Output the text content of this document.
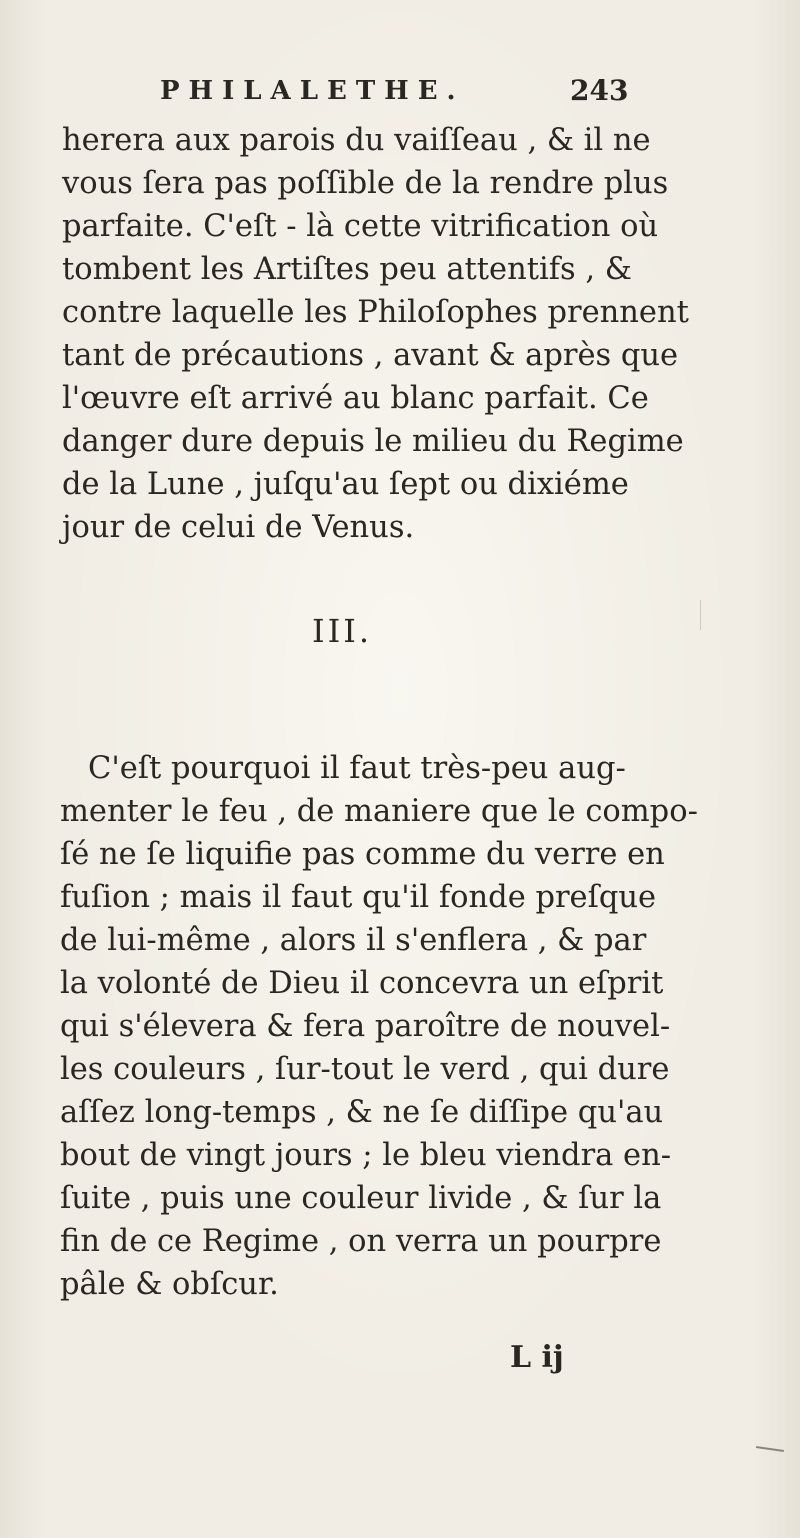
PHILALETHE.	243
herera aux parois du vaiſſeau , & il ne
vous ſera pas poſſible de la rendre plus
parfaite. C'eſt - là cette vitrification où
tombent les Artiſtes peu attentifs , &
contre laquelle les Philoſophes prennent
tant de précautions , avant & après que
l'œuvre eſt arrivé au blanc parfait. Ce
danger dure depuis le milieu du Regime
de la Lune , juſqu'au ſept ou dixiéme
jour de celui de Venus.
III.
C'eſt pourquoi il faut très-peu aug-
menter le feu , de maniere que le compo-
ſé ne ſe liquifie pas comme du verre en
fuſion ; mais il faut qu'il fonde preſque
de lui-même , alors il s'enflera , & par
la volonté de Dieu il concevra un eſprit
qui s'élevera & fera paroître de nouvel-
les couleurs , ſur-tout le verd , qui dure
aſſez long-temps , & ne ſe diſſipe qu'au
bout de vingt jours ; le bleu viendra en-
ſuite , puis une couleur livide , & ſur la
fin de ce Regime , on verra un pourpre
pâle & obſcur.
L ij
